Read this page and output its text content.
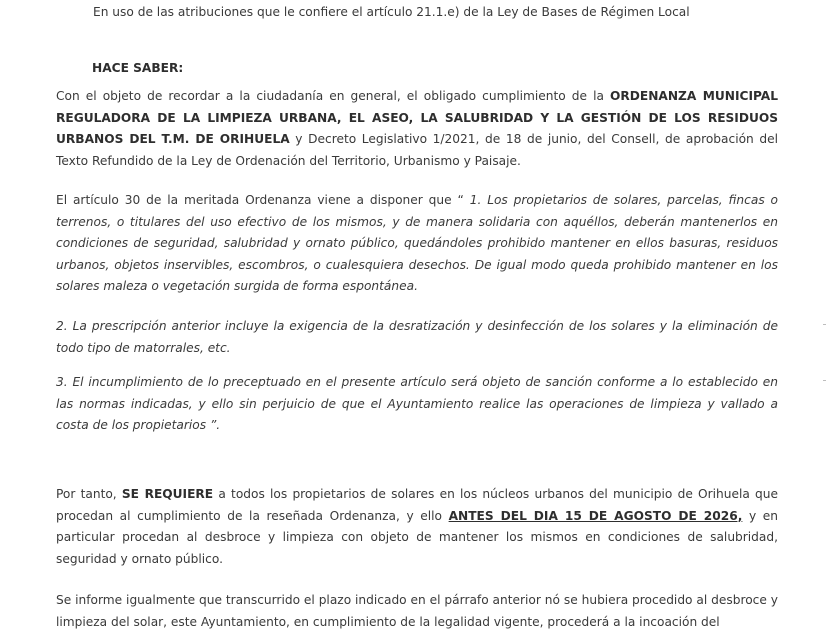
En uso de las atribuciones que le confiere el artículo 21.1.e) de la Ley de Bases de Régimen Local

HACE SABER:

Con el objeto de recordar a la ciudadanía en general, el obligado cumplimiento de la ORDENANZA MUNICIPAL REGULADORA DE LA LIMPIEZA URBANA, EL ASEO, LA SALUBRIDAD Y LA GESTIÓN DE LOS RESIDUOS URBANOS DEL T.M. DE ORIHUELA y Decreto Legislativo 1/2021, de 18 de junio, del Consell, de aprobación del Texto Refundido de la Ley de Ordenación del Territorio, Urbanismo y Paisaje.

El artículo 30 de la meritada Ordenanza viene a disponer que “ 1. Los propietarios de solares, parcelas, fincas o terrenos, o titulares del uso efectivo de los mismos, y de manera solidaria con aquéllos, deberán mantenerlos en condiciones de seguridad, salubridad y ornato público, quedándoles prohibido mantener en ellos basuras, residuos urbanos, objetos inservibles, escombros, o cualesquiera desechos. De igual modo queda prohibido mantener en los solares maleza o vegetación surgida de forma espontánea.

2. La prescripción anterior incluye la exigencia de la desratización y desinfección de los solares y la eliminación de todo tipo de matorrales, etc.

3. El incumplimiento de lo preceptuado en el presente artículo será objeto de sanción conforme a lo establecido en las normas indicadas, y ello sin perjuicio de que el Ayuntamiento realice las operaciones de limpieza y vallado a costa de los propietarios ”.

Por tanto, SE REQUIERE a todos los propietarios de solares en los núcleos urbanos del municipio de Orihuela que procedan al cumplimiento de la reseñada Ordenanza, y ello ANTES DEL DIA 15 DE AGOSTO DE 2026, y en particular procedan al desbroce y limpieza con objeto de mantener los mismos en condiciones de salubridad, seguridad y ornato público.

Se informe igualmente que transcurrido el plazo indicado en el párrafo anterior nó se hubiera procedido al desbroce y limpieza del solar, este Ayuntamiento, en cumplimiento de la legalidad vigente, procederá a la incoación del
